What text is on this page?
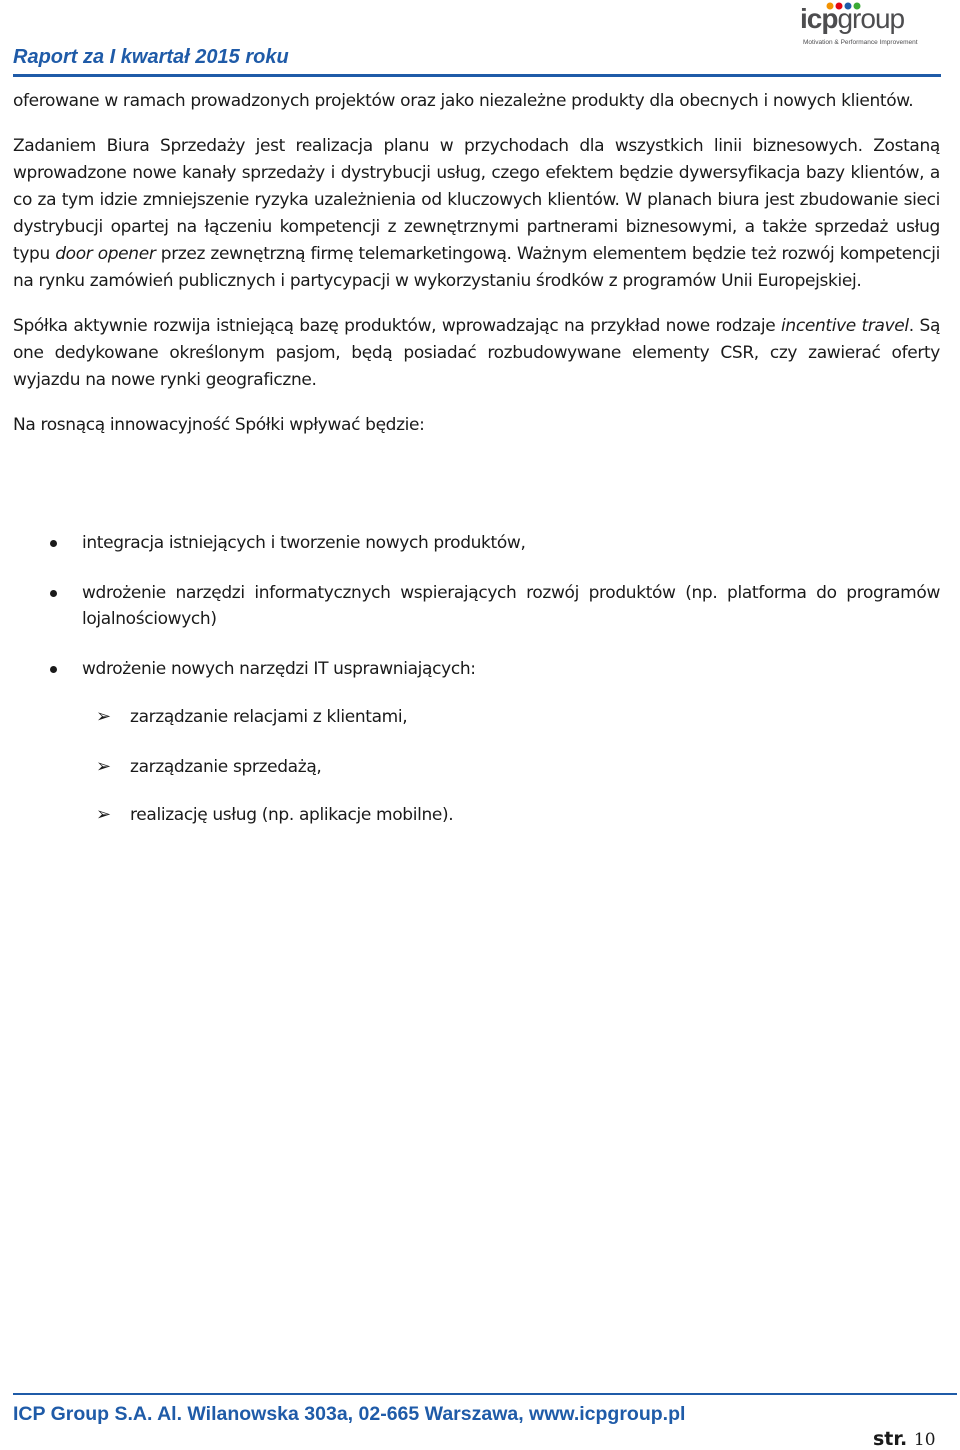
Raport za I kwartał 2015 roku
icpgroup
Motivation & Performance Improvement

oferowane w ramach prowadzonych projektów oraz jako niezależne produkty dla obecnych i nowych klientów.

Zadaniem Biura Sprzedaży jest realizacja planu w przychodach dla wszystkich linii biznesowych. Zostaną wprowadzone nowe kanały sprzedaży i dystrybucji usług, czego efektem będzie dywersyfikacja bazy klientów, a co za tym idzie zmniejszenie ryzyka uzależnienia od kluczowych klientów. W planach biura jest zbudowanie sieci dystrybucji opartej na łączeniu kompetencji z zewnętrznymi partnerami biznesowymi, a także sprzedaż usług typu door opener przez zewnętrzną firmę telemarketingową. Ważnym elementem będzie też rozwój kompetencji na rynku zamówień publicznych i partycypacji w wykorzystaniu środków z programów Unii Europejskiej.

Spółka aktywnie rozwija istniejącą bazę produktów, wprowadzając na przykład nowe rodzaje incentive travel. Są one dedykowane określonym pasjom, będą posiadać rozbudowywane elementy CSR, czy zawierać oferty wyjazdu na nowe rynki geograficzne.

Na rosnącą innowacyjność Spółki wpływać będzie:

integracja istniejących i tworzenie nowych produktów,
wdrożenie narzędzi informatycznych wspierających rozwój produktów (np. platforma do programów lojalnościowych)
wdrożenie nowych narzędzi IT usprawniających:
➢ zarządzanie relacjami z klientami,
➢ zarządzanie sprzedażą,
➢ realizację usług (np. aplikacje mobilne).
ICP Group S.A. Al. Wilanowska 303a, 02-665 Warszawa, www.icpgroup.pl
str. 10
